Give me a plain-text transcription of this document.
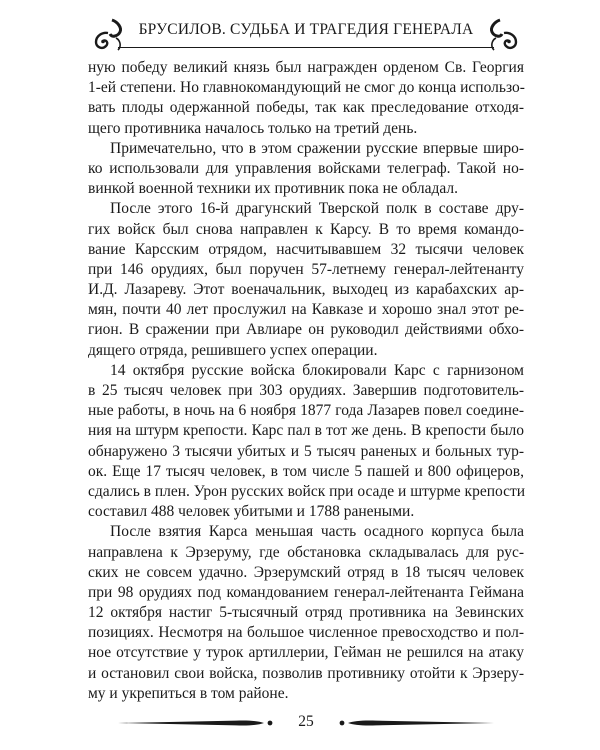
БРУСИЛОВ. СУДЬБА И ТРАГЕДИЯ ГЕНЕРАЛА
ную победу великий князь был награжден орденом Св. Георгия
1-ей степени. Но главнокомандующий не смог до конца использо-
вать плоды одержанной победы, так как преследование отходя-
щего противника началось только на третий день.
Примечательно, что в этом сражении русские впервые широ-
ко использовали для управления войсками телеграф. Такой но-
винкой военной техники их противник пока не обладал.
После этого 16-й драгунский Тверской полк в составе дру-
гих войск был снова направлен к Карсу. В то время командо-
вание Карсским отрядом, насчитывавшем 32 тысячи человек
при 146 орудиях, был поручен 57-летнему генерал-лейтенанту
И.Д. Лазареву. Этот военачальник, выходец из карабахских ар-
мян, почти 40 лет прослужил на Кавказе и хорошо знал этот ре-
гион. В сражении при Авлиаре он руководил действиями обхо-
дящего отряда, решившего успех операции.
14 октября русские войска блокировали Карс с гарнизоном
в 25 тысяч человек при 303 орудиях. Завершив подготовитель-
ные работы, в ночь на 6 ноября 1877 года Лазарев повел соедине-
ния на штурм крепости. Карс пал в тот же день. В крепости было
обнаружено 3 тысячи убитых и 5 тысяч раненых и больных тур-
ок. Еще 17 тысяч человек, в том числе 5 пашей и 800 офицеров,
сдались в плен. Урон русских войск при осаде и штурме крепости
составил 488 человек убитыми и 1788 ранеными.
После взятия Карса меньшая часть осадного корпуса была
направлена к Эрзеруму, где обстановка складывалась для рус-
ских не совсем удачно. Эрзерумский отряд в 18 тысяч человек
при 98 орудиях под командованием генерал-лейтенанта Геймана
12 октября настиг 5-тысячный отряд противника на Зевинских
позициях. Несмотря на большое численное превосходство и пол-
ное отсутствие у турок артиллерии, Гейман не решился на атаку
и остановил свои войска, позволив противнику отойти к Эрзеру-
му и укрепиться в том районе.
25
